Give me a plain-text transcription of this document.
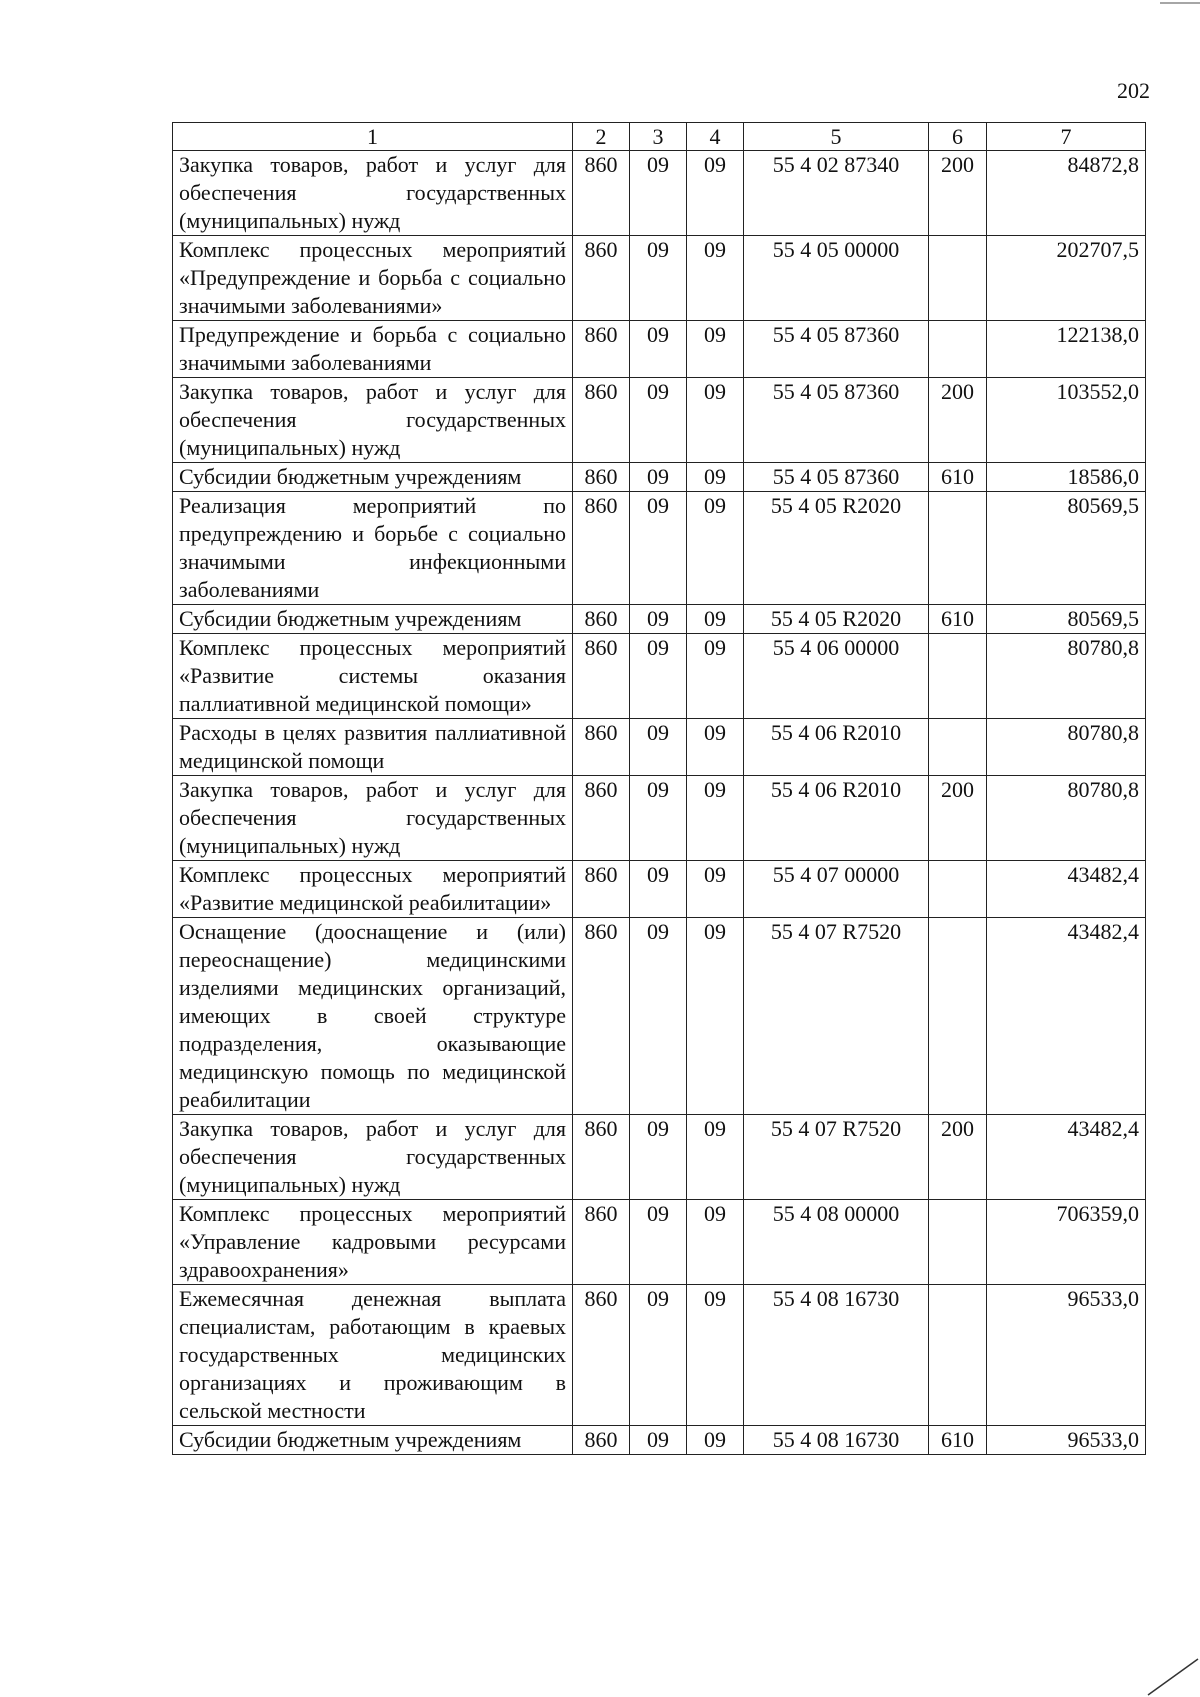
202
1	2	3	4	5	6	7
Закупка товаров, работ и услуг для обеспечения государственных (муниципальных) нужд	860	09	09	55 4 02 87340	200	84872,8
Комплекс процессных мероприятий «Предупреждение и борьба с социально значимыми заболеваниями»	860	09	09	55 4 05 00000		202707,5
Предупреждение и борьба с социально значимыми заболеваниями	860	09	09	55 4 05 87360		122138,0
Закупка товаров, работ и услуг для обеспечения государственных (муниципальных) нужд	860	09	09	55 4 05 87360	200	103552,0
Субсидии бюджетным учреждениям	860	09	09	55 4 05 87360	610	18586,0
Реализация мероприятий по предупреждению и борьбе с социально значимыми инфекционными заболеваниями	860	09	09	55 4 05 R2020		80569,5
Субсидии бюджетным учреждениям	860	09	09	55 4 05 R2020	610	80569,5
Комплекс процессных мероприятий «Развитие системы оказания паллиативной медицинской помощи»	860	09	09	55 4 06 00000		80780,8
Расходы в целях развития паллиативной медицинской помощи	860	09	09	55 4 06 R2010		80780,8
Закупка товаров, работ и услуг для обеспечения государственных (муниципальных) нужд	860	09	09	55 4 06 R2010	200	80780,8
Комплекс процессных мероприятий «Развитие медицинской реабилитации»	860	09	09	55 4 07 00000		43482,4
Оснащение (дооснащение и (или) переоснащение) медицинскими изделиями медицинских организаций, имеющих в своей структуре подразделения, оказывающие медицинскую помощь по медицинской реабилитации	860	09	09	55 4 07 R7520		43482,4
Закупка товаров, работ и услуг для обеспечения государственных (муниципальных) нужд	860	09	09	55 4 07 R7520	200	43482,4
Комплекс процессных мероприятий «Управление кадровыми ресурсами здравоохранения»	860	09	09	55 4 08 00000		706359,0
Ежемесячная денежная выплата специалистам, работающим в краевых государственных медицинских организациях и проживающим в сельской местности	860	09	09	55 4 08 16730		96533,0
Субсидии бюджетным учреждениям	860	09	09	55 4 08 16730	610	96533,0
